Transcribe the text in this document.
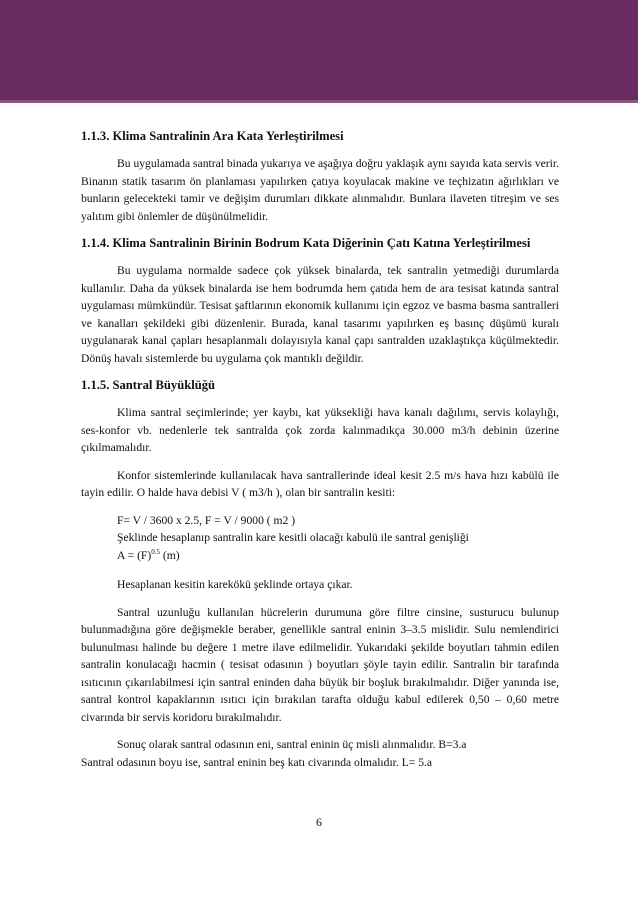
1.1.3. Klima Santralinin Ara Kata Yerleştirilmesi

Bu uygulamada santral binada yukarıya ve aşağıya doğru yaklaşık aynı sayıda kata servis verir. Binanın statik tasarım ön planlaması yapılırken çatıya koyulacak makine ve teçhizatın ağırlıkları ve bunların gelecekteki tamir ve değişim durumları dikkate alınmalıdır. Bunlara ilaveten titreşim ve ses yalıtım gibi önlemler de düşünülmelidir.

1.1.4. Klima Santralinin Birinin Bodrum Kata Diğerinin Çatı Katına Yerleştirilmesi

Bu uygulama normalde sadece çok yüksek binalarda, tek santralin yetmediği durumlarda kullanılır. Daha da yüksek binalarda ise hem bodrumda hem çatıda hem de ara tesisat katında santral uygulaması mümkündür. Tesisat şaftlarının ekonomik kullanımı için egzoz ve basma basma santralleri ve kanalları şekildeki gibi düzenlenir. Burada, kanal tasarımı yapılırken eş basınç düşümü kuralı uygulanarak kanal çapları hesaplanmalı dolayısıyla kanal çapı santralden uzaklaştıkça küçülmektedir. Dönüş havalı sistemlerde bu uygulama çok mantıklı değildir.

1.1.5. Santral Büyüklüğü

Klima santral seçimlerinde; yer kaybı, kat yüksekliği hava kanalı dağılımı, servis kolaylığı, ses-konfor vb. nedenlerle tek santralda çok zorda kalınmadıkça 30.000 m3/h debinin üzerine çıkılmamalıdır.

Konfor sistemlerinde kullanılacak hava santrallerinde ideal kesit 2.5 m/s hava hızı kabülü ile tayin edilir. O halde hava debisi V ( m3/h ), olan bir santralin kesiti:

F= V / 3600 x 2.5, F = V / 9000 ( m2 )
Şeklinde hesaplanıp santralin kare kesitli olacağı kabulü ile santral genişliği
$A = (F)^{0.5}$ (m)

Hesaplanan kesitin karekökü şeklinde ortaya çıkar.

Santral uzunluğu kullanılan hücrelerin durumuna göre filtre cinsine, susturucu bulunup bulunmadığına göre değişmekle beraber, genellikle santral eninin 3–3.5 mislidir. Sulu nemlendirici bulunulması halinde bu değere 1 metre ilave edilmelidir. Yukarıdaki şekilde boyutları tahmin edilen santralin konulacağı hacmin ( tesisat odasının ) boyutları şöyle tayin edilir. Santralin bir tarafında ısıtıcının çıkarılabilmesi için santral eninden daha büyük bir boşluk bırakılmalıdır. Diğer yanında ise, santral kontrol kapaklarının ısıtıcı için bırakılan tarafta olduğu kabul edilerek 0,50 – 0,60 metre civarında bir servis koridoru bırakılmalıdır.

Sonuç olarak santral odasının eni, santral eninin üç misli alınmalıdır. B=3.a
Santral odasının boyu ise, santral eninin beş katı civarında olmalıdır. L= 5.a
6
